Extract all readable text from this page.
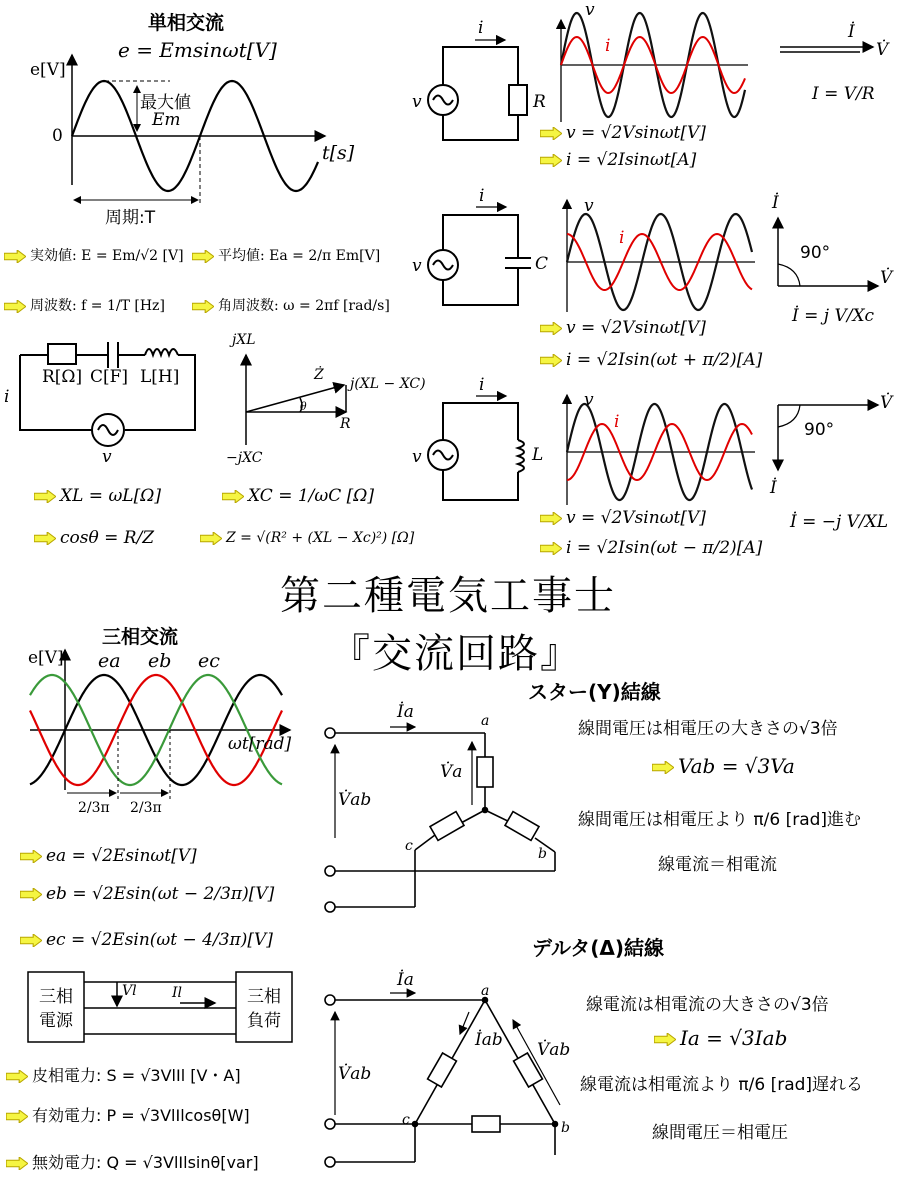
単相交流
e = Emsinωt[V]
e[V]
0
t[s]
最大値
Em
周期:T
実効値: E = Em/√2 [V]	平均値: Ea = 2/π Em[V]
周波数: f = 1/T [Hz]	角周波数: ω = 2πf [rad/s]
R[Ω] C[F] L[H]
i
v
jXL
−jXC
Ż
j(XL − XC)
R
θ
XL = ωL[Ω]	XC = 1/ωC [Ω]
cosθ = R/Z	Z = √(R² + (XL − Xc)²) [Ω]
i
v	R
v
i
v = √2Vsinωt[V]
i = √2Isinωt[A]
İ
V̇
I = V/R
i
v	C
v
i
v = √2Vsinωt[V]
i = √2Isin(ωt + π/2)[A]
İ
V̇
90°
İ = j V/Xc
i
v	L
v
i
v = √2Vsinωt[V]
i = √2Isin(ωt − π/2)[A]
V̇
İ
90°
İ = −j V/XL
第二種電気工事士
『交流回路』
三相交流
e[V] ea eb ec
ωt[rad]
2/3π 2/3π
ea = √2Esinωt[V]
eb = √2Esin(ωt − 2/3π)[V]
ec = √2Esin(ωt − 4/3π)[V]
三相電源
三相負荷
Vl	Il
皮相電力: S = √3VlIl [V・A]
有効電力: P = √3VlIlcosθ[W]
無効電力: Q = √3VlIlsinθ[var]
スター(Y)結線
İa
V̇a
V̇ab
a
b
c
線間電圧は相電圧の大きさの√3倍
Vab = √3Va
線間電圧は相電圧より π/6 [rad]進む
線電流＝相電流
デルタ(Δ)結線
İa
İab V̇ab
V̇ab
a
b
c
線電流は相電流の大きさの√3倍
Ia = √3Iab
線電流は相電流より π/6 [rad]遅れる
線間電圧＝相電圧
